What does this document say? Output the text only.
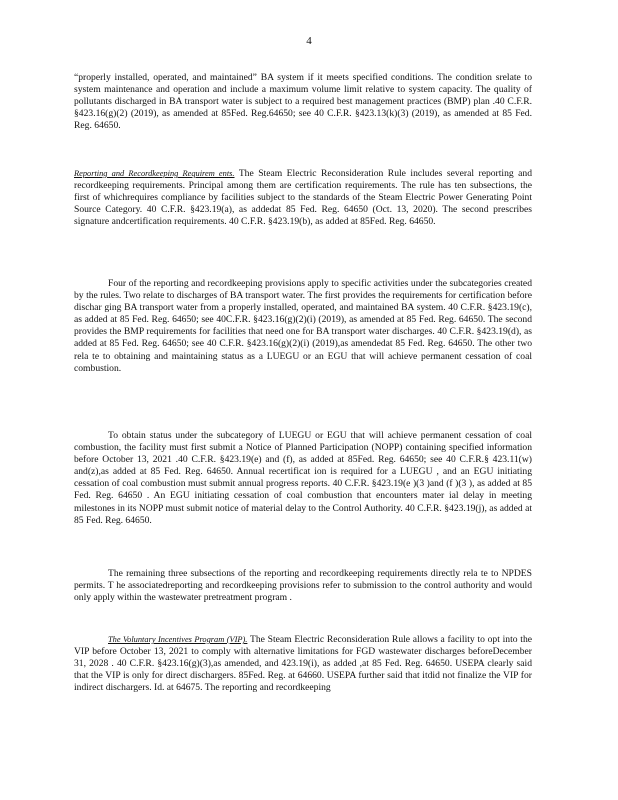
4

“properly installed, operated, and maintained” BA system if it meets specified conditions. The condition srelate to system maintenance and operation and include a maximum volume limit relative to system capacity. The quality of pollutants discharged in BA transport water is subject to a required best management practices (BMP) plan .40 C.F.R. §423.16(g)(2) (2019), as amended at 85Fed. Reg.64650; see 40 C.F.R. §423.13(k)(3) (2019), as amended at 85 Fed. Reg. 64650.

Reporting and Recordkeeping Requirem ents. The Steam Electric Reconsideration Rule includes several reporting and recordkeeping requirements. Principal among them are certification requirements. The rule has ten subsections, the first of whichrequires compliance by facilities subject to the standards of the Steam Electric Power Generating Point Source Category. 40 C.F.R. §423.19(a), as addedat 85 Fed. Reg. 64650 (Oct. 13, 2020). The second prescribes signature andcertification requirements. 40 C.F.R. §423.19(b), as added at 85Fed. Reg. 64650.

Four of the reporting and recordkeeping provisions apply to specific activities under the subcategories created by the rules. Two relate to discharges of BA transport water. The first provides the requirements for certification before dischar ging BA transport water from a properly installed, operated, and maintained BA system. 40 C.F.R. §423.19(c), as added at 85 Fed. Reg. 64650; see 40C.F.R. §423.16(g)(2)(i) (2019), as amended at 85 Fed. Reg. 64650. The second provides the BMP requirements for facilities that need one for BA transport water discharges. 40 C.F.R. §423.19(d), as added at 85 Fed. Reg. 64650; see 40 C.F.R. §423.16(g)(2)(i) (2019),as amendedat 85 Fed. Reg. 64650. The other two rela te to obtaining and maintaining status as a LUEGU or an EGU that will achieve permanent cessation of coal combustion.

To obtain status under the subcategory of LUEGU or EGU that will achieve permanent cessation of coal combustion, the facility must first submit a Notice of Planned Participation (NOPP) containing specified information before October 13, 2021 .40 C.F.R. §423.19(e) and (f), as added at 85Fed. Reg. 64650; see 40 C.F.R.§ 423.11(w) and(z),as added at 85 Fed. Reg. 64650. Annual recertificat ion is required for a LUEGU , and an EGU initiating cessation of coal combustion must submit annual progress reports. 40 C.F.R. §423.19(e )(3 )and (f )(3 ), as added at 85 Fed. Reg. 64650 . An EGU initiating cessation of coal combustion that encounters mater ial delay in meeting milestones in its NOPP must submit notice of material delay to the Control Authority. 40 C.F.R. §423.19(j), as added at 85 Fed. Reg. 64650.

The remaining three subsections of the reporting and recordkeeping requirements directly rela te to NPDES permits. T he associatedreporting and recordkeeping provisions refer to submission to the control authority and would only apply within the wastewater pretreatment program .

The Voluntary Incentives Program (VIP). The Steam Electric Reconsideration Rule allows a facility to opt into the VIP before October 13, 2021 to comply with alternative limitations for FGD wastewater discharges beforeDecember 31, 2028 . 40 C.F.R. §423.16(g)(3),as amended, and 423.19(i), as added ,at 85 Fed. Reg. 64650. USEPA clearly said that the VIP is only for direct dischargers. 85Fed. Reg. at 64660. USEPA further said that itdid not finalize the VIP for indirect dischargers. Id. at 64675. The reporting and recordkeeping
